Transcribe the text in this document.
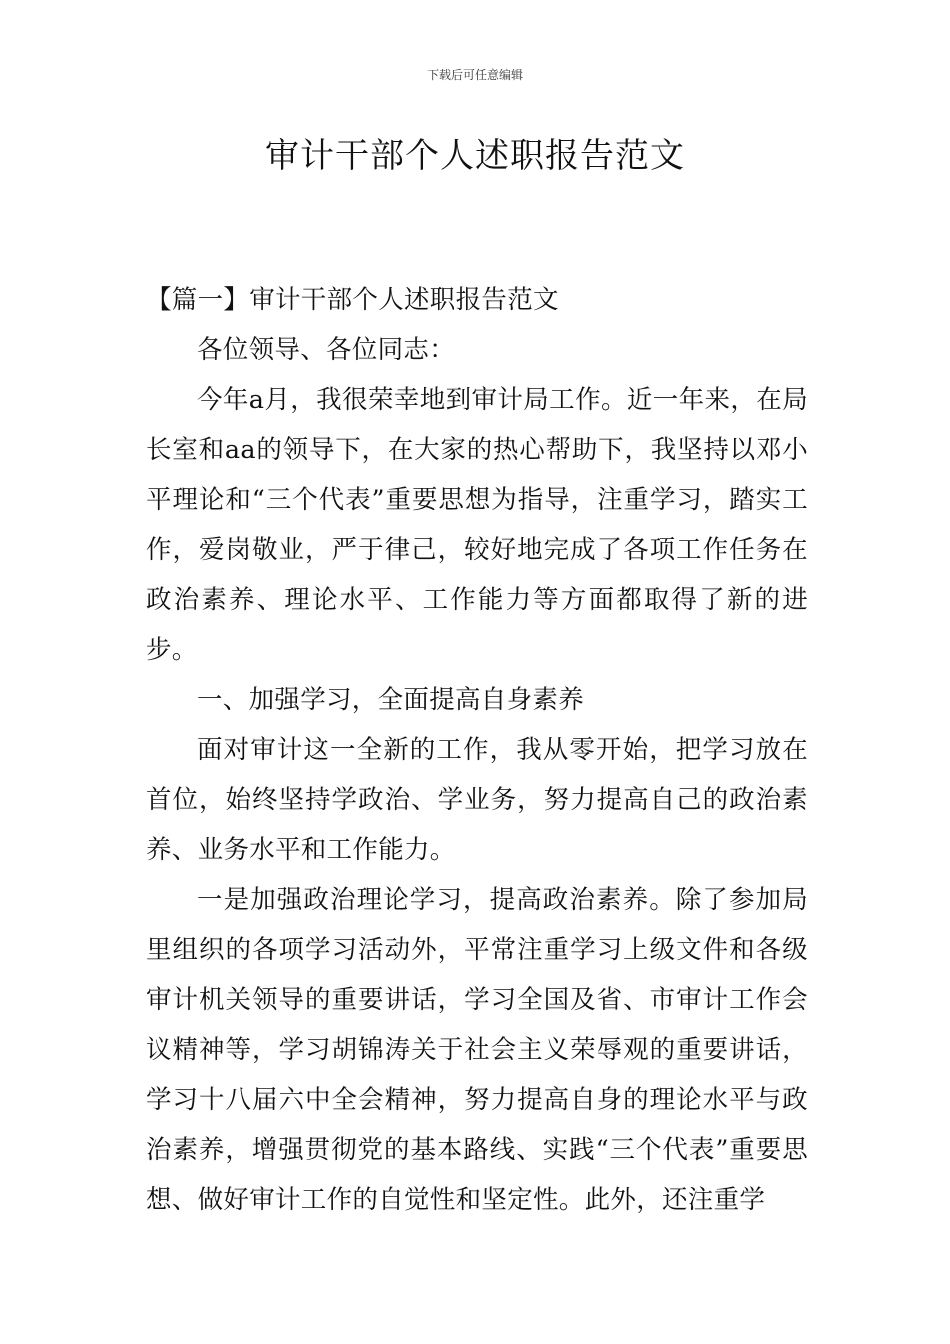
下载后可任意编辑
审计干部个人述职报告范文

【篇一】审计干部个人述职报告范文

各位领导、各位同志：

今年a月，我很荣幸地到审计局工作。近一年来，在局长室和aa的领导下，在大家的热心帮助下，我坚持以邓小平理论和“三个代表”重要思想为指导，注重学习，踏实工作，爱岗敬业，严于律己，较好地完成了各项工作任务在政治素养、理论水平、工作能力等方面都取得了新的进步。

一、加强学习，全面提高自身素养

面对审计这一全新的工作，我从零开始，把学习放在首位，始终坚持学政治、学业务，努力提高自己的政治素养、业务水平和工作能力。

一是加强政治理论学习，提高政治素养。除了参加局里组织的各项学习活动外，平常注重学习上级文件和各级审计机关领导的重要讲话，学习全国及省、市审计工作会议精神等，学习胡锦涛关于社会主义荣辱观的重要讲话，学习十八届六中全会精神，努力提高自身的理论水平与政治素养，增强贯彻党的基本路线、实践“三个代表”重要思想、做好审计工作的自觉性和坚定性。此外，还注重学
